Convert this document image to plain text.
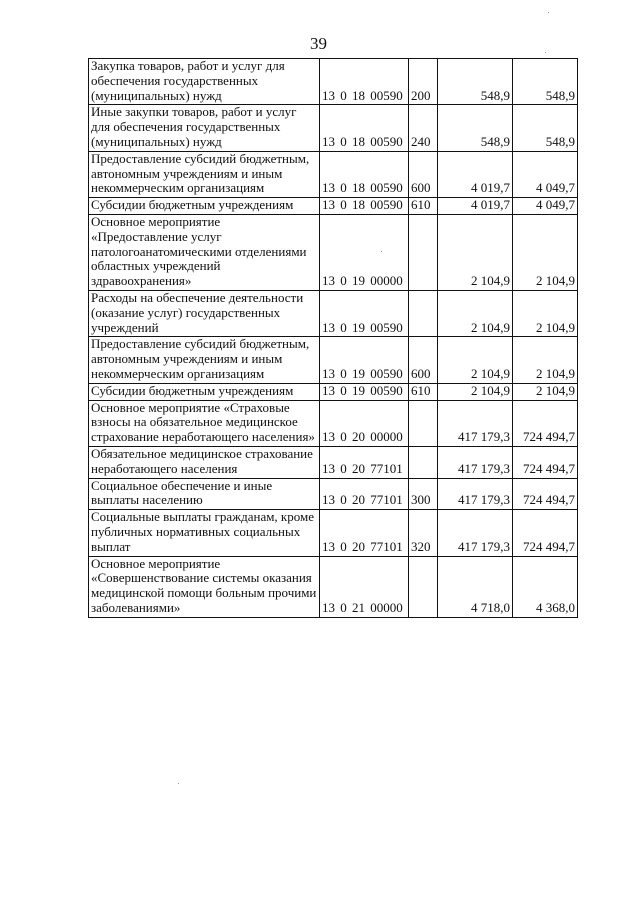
39
Закупка товаров, работ и услуг для обеспечения государственных (муниципальных) нужд	13 0 18 00590	200	548,9	548,9
Иные закупки товаров, работ и услуг для обеспечения государственных (муниципальных) нужд	13 0 18 00590	240	548,9	548,9
Предоставление субсидий бюджетным, автономным учреждениям и иным некоммерческим организациям	13 0 18 00590	600	4 019,7	4 049,7
Субсидии бюджетным учреждениям	13 0 18 00590	610	4 019,7	4 049,7
Основное мероприятие «Предоставление услуг патологоанатомическими отделениями областных учреждений здравоохранения»	13 0 19 00000		2 104,9	2 104,9
Расходы на обеспечение деятельности (оказание услуг) государственных учреждений	13 0 19 00590		2 104,9	2 104,9
Предоставление субсидий бюджетным, автономным учреждениям и иным некоммерческим организациям	13 0 19 00590	600	2 104,9	2 104,9
Субсидии бюджетным учреждениям	13 0 19 00590	610	2 104,9	2 104,9
Основное мероприятие «Страховые взносы на обязательное медицинское страхование неработающего населения»	13 0 20 00000		417 179,3	724 494,7
Обязательное медицинское страхование неработающего населения	13 0 20 77101		417 179,3	724 494,7
Социальное обеспечение и иные выплаты населению	13 0 20 77101	300	417 179,3	724 494,7
Социальные выплаты гражданам, кроме публичных нормативных социальных выплат	13 0 20 77101	320	417 179,3	724 494,7
Основное мероприятие «Совершенствование системы оказания медицинской помощи больным прочими заболеваниями»	13 0 21 00000		4 718,0	4 368,0
